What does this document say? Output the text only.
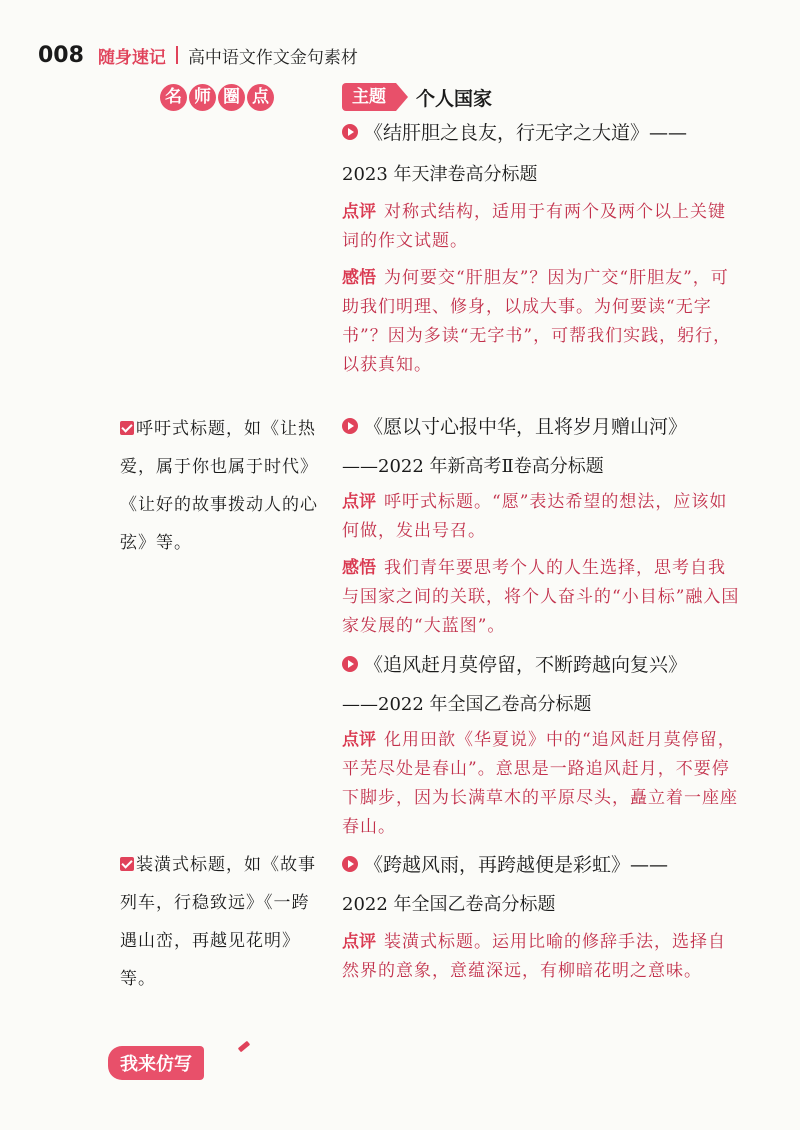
008 随身速记 高中语文作文金句素材
名 师 圈 点	主题	个人国家
《结肝胆之良友，行无字之大道》——
2023 年天津卷高分标题
点评 对称式结构，适用于有两个及两个以上关键词的作文试题。
感悟 为何要交“肝胆友”？因为广交“肝胆友”，可助我们明理、修身，以成大事。为何要读“无字书”？因为多读“无字书”，可帮我们实践，躬行，以获真知。
《愿以寸心报中华，且将岁月赠山河》
——2022 年新高考Ⅱ卷高分标题
点评 呼吁式标题。“愿”表达希望的想法，应该如何做，发出号召。
感悟 我们青年要思考个人的人生选择，思考自我与国家之间的关联，将个人奋斗的“小目标”融入国家发展的“大蓝图”。
《追风赶月莫停留，不断跨越向复兴》
——2022 年全国乙卷高分标题
点评 化用田歆《华夏说》中的“追风赶月莫停留，平芜尽处是春山”。意思是一路追风赶月，不要停下脚步，因为长满草木的平原尽头，矗立着一座座春山。
《跨越风雨，再跨越便是彩虹》——
2022 年全国乙卷高分标题
点评 装潢式标题。运用比喻的修辞手法，选择自然界的意象，意蕴深远，有柳暗花明之意味。
呼吁式标题，如《让热爱，属于你也属于时代》《让好的故事拨动人的心弦》等。
装潢式标题，如《故事列车，行稳致远》《一跨遇山峦，再越见花明》等。
我来仿写
